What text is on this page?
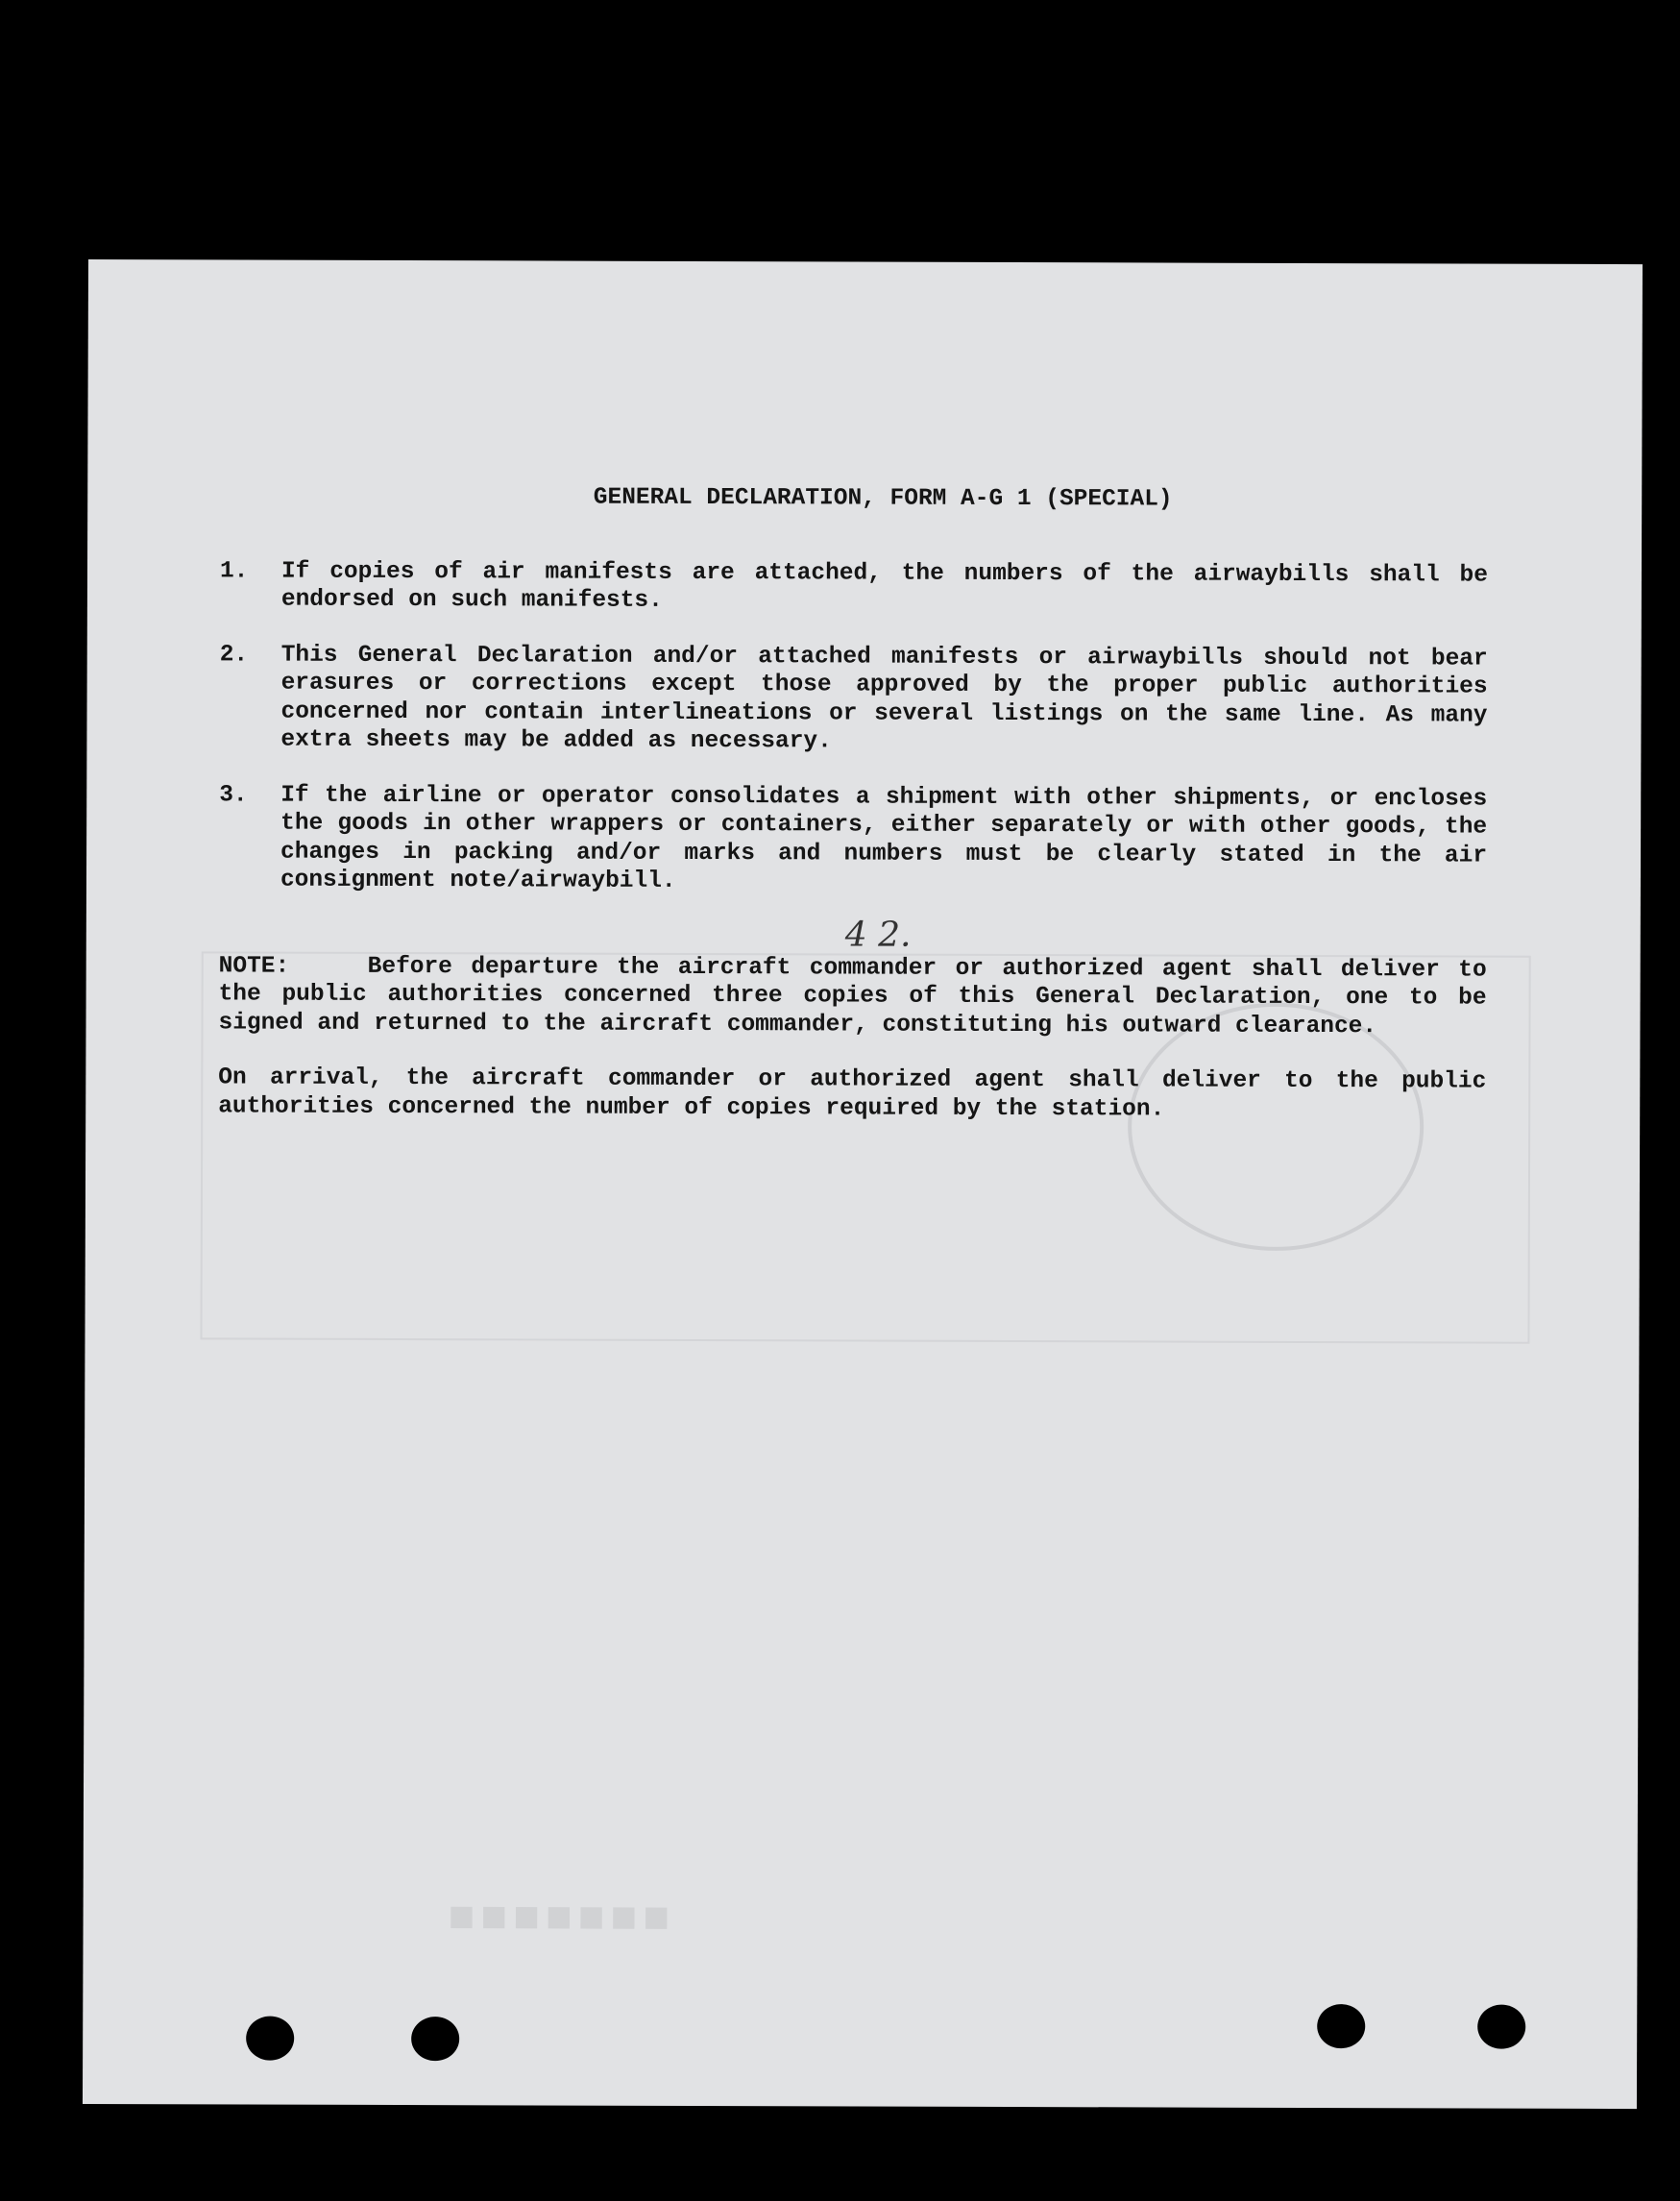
■■■■■■■
GENERAL DECLARATION, FORM A-G 1 (SPECIAL)
1.	If copies of air manifests are attached, the numbers of the airwaybills shall be endorsed on such manifests.
2.	This General Declaration and/or attached manifests or airwaybills should not bear erasures or corrections except those approved by the proper public authorities concerned nor contain interlineations or several listings on the same line. As many extra sheets may be added as necessary.
3.	If the airline or operator consolidates a shipment with other shipments, or encloses the goods in other wrappers or containers, either separately or with other goods, the changes in packing and/or marks and numbers must be clearly stated in the air consignment note/airwaybill.
NOTE:	Before departure the aircraft commander or authorized agent shall deliver to the public authorities concerned three copies of this General Declaration, one to be signed and returned to the aircraft commander, constituting his outward clearance.
On arrival, the aircraft commander or authorized agent shall deliver to the public authorities concerned the number of copies required by the station.
4 2.
